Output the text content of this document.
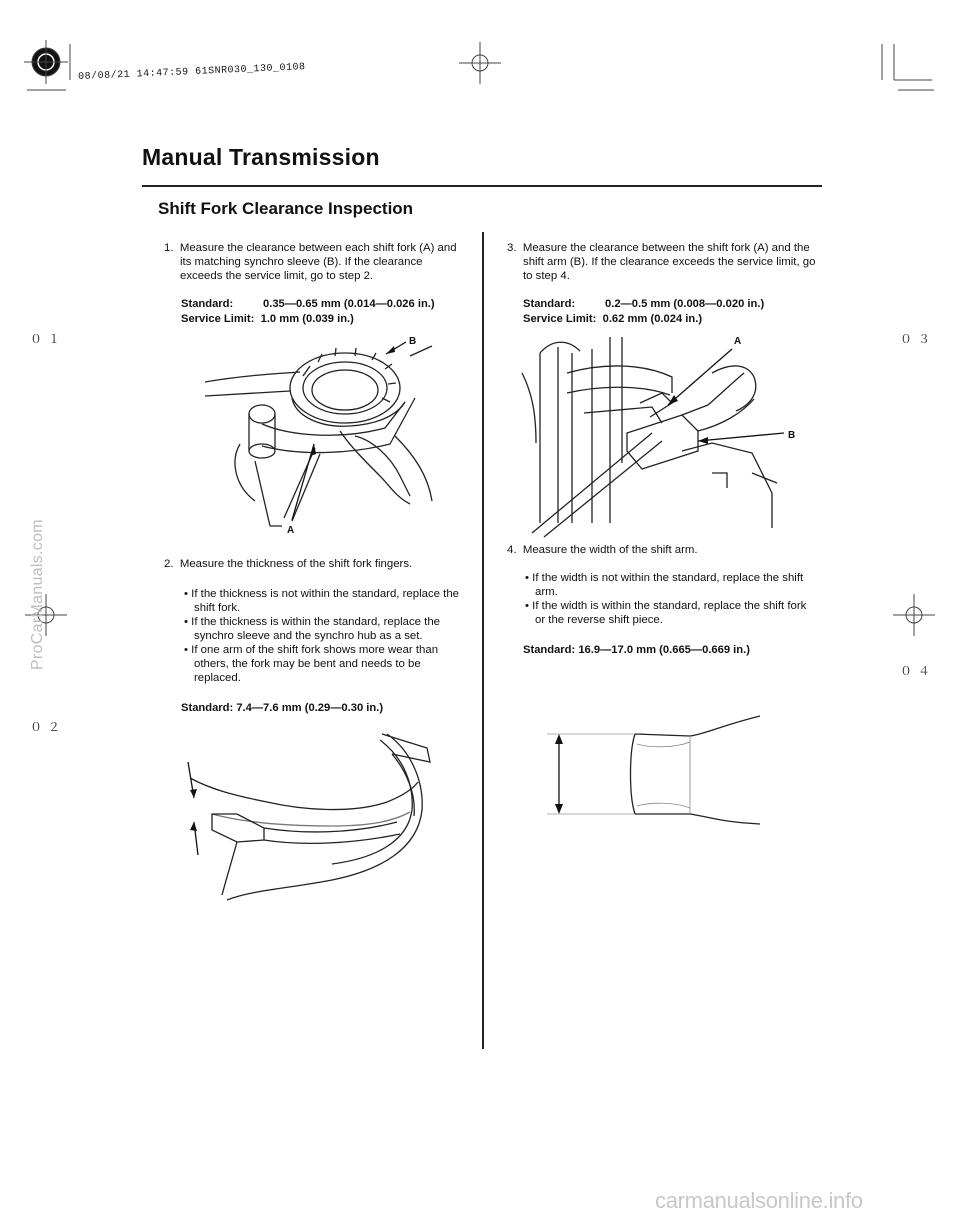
08/08/21 14:47:59 61SNR030_130_0108
Manual Transmission
Shift Fork Clearance Inspection
０１
０２
０３
０４
ProCarManuals.com
1. Measure the clearance between each shift fork (A) and its matching synchro sleeve (B). If the clearance exceeds the service limit, go to step 2.
Standard:	0.35—0.65 mm (0.014—0.026 in.)
Service Limit: 1.0 mm (0.039 in.)
B
A
2. Measure the thickness of the shift fork fingers.
• If the thickness is not within the standard, replace the shift fork.
• If the thickness is within the standard, replace the synchro sleeve and the synchro hub as a set.
• If one arm of the shift fork shows more wear than others, the fork may be bent and needs to be replaced.
Standard: 7.4—7.6 mm (0.29—0.30 in.)
3. Measure the clearance between the shift fork (A) and the shift arm (B). If the clearance exceeds the service limit, go to step 4.
Standard:	0.2—0.5 mm (0.008—0.020 in.)
Service Limit: 0.62 mm (0.024 in.)
A
B
4. Measure the width of the shift arm.
• If the width is not within the standard, replace the shift arm.
• If the width is within the standard, replace the shift fork or the reverse shift piece.
Standard: 16.9—17.0 mm (0.665—0.669 in.)
carmanualsonline.info
